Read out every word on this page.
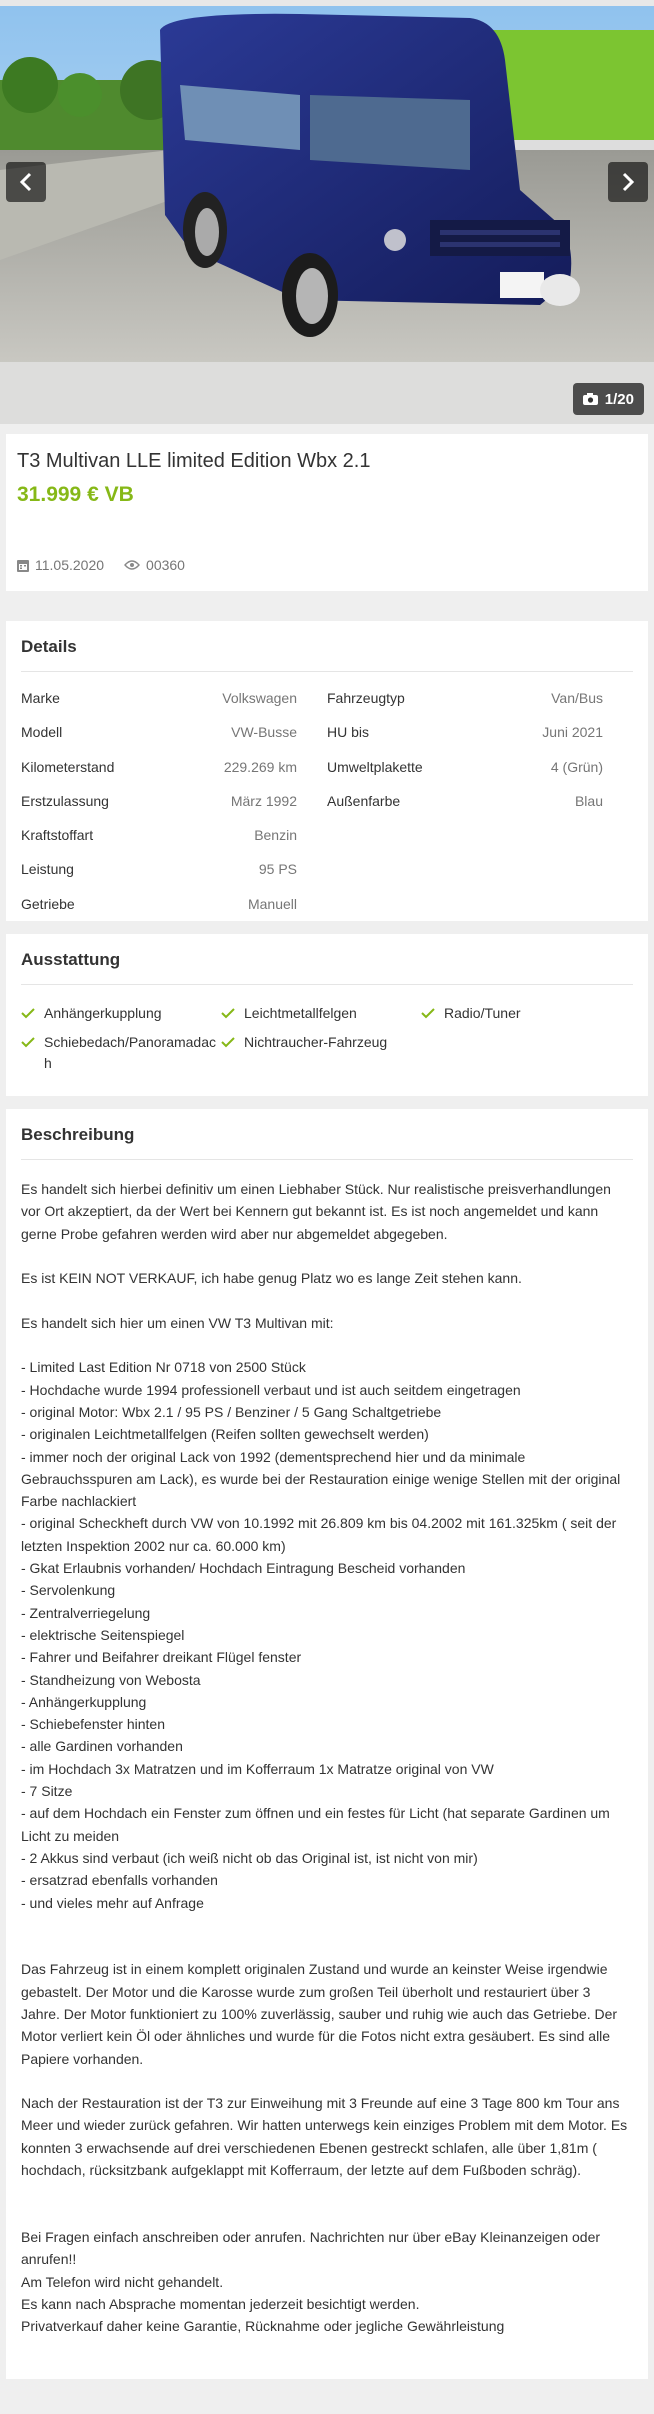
1/20
T3 Multivan LLE limited Edition Wbx 2.1
31.999 € VB
11.05.2020	00360
Details
Marke	Volkswagen
Modell	VW-Busse
Kilometerstand	229.269 km
Erstzulassung	März 1992
Kraftstoffart	Benzin
Leistung	95 PS
Getriebe	Manuell
Fahrzeugtyp	Van/Bus
HU bis	Juni 2021
Umweltplakette	4 (Grün)
Außenfarbe	Blau
Ausstattung
Anhängerkupplung	Leichtmetallfelgen	Radio/Tuner
Schiebedach/Panoramadach
Nichtraucher-Fahrzeug
Beschreibung

Es handelt sich hierbei definitiv um einen Liebhaber Stück. Nur realistische preisverhandlungen vor Ort akzeptiert, da der Wert bei Kennern gut bekannt ist. Es ist noch angemeldet und kann gerne Probe gefahren werden wird aber nur abgemeldet abgegeben.

Es ist KEIN NOT VERKAUF, ich habe genug Platz wo es lange Zeit stehen kann.

Es handelt sich hier um einen VW T3 Multivan mit:

- Limited Last Edition Nr 0718 von 2500 Stück
- Hochdache wurde 1994 professionell verbaut und ist auch seitdem eingetragen
- original Motor: Wbx 2.1 / 95 PS / Benziner / 5 Gang Schaltgetriebe
- originalen Leichtmetallfelgen (Reifen sollten gewechselt werden)
- immer noch der original Lack von 1992 (dementsprechend hier und da minimale Gebrauchsspuren am Lack), es wurde bei der Restauration einige wenige Stellen mit der original Farbe nachlackiert
- original Scheckheft durch VW von 10.1992 mit 26.809 km bis 04.2002 mit 161.325km ( seit der letzten Inspektion 2002 nur ca. 60.000 km)
- Gkat Erlaubnis vorhanden/ Hochdach Eintragung Bescheid vorhanden
- Servolenkung
- Zentralverriegelung
- elektrische Seitenspiegel
- Fahrer und Beifahrer dreikant Flügel fenster
- Standheizung von Webosta
- Anhängerkupplung
- Schiebefenster hinten
- alle Gardinen vorhanden
- im Hochdach 3x Matratzen und im Kofferraum 1x Matratze original von VW
- 7 Sitze
- auf dem Hochdach ein Fenster zum öffnen und ein festes für Licht (hat separate Gardinen um Licht zu meiden
- 2 Akkus sind verbaut (ich weiß nicht ob das Original ist, ist nicht von mir)
- ersatzrad ebenfalls vorhanden
- und vieles mehr auf Anfrage

Das Fahrzeug ist in einem komplett originalen Zustand und wurde an keinster Weise irgendwie gebastelt. Der Motor und die Karosse wurde zum großen Teil überholt und restauriert über 3 Jahre. Der Motor funktioniert zu 100% zuverlässig, sauber und ruhig wie auch das Getriebe. Der Motor verliert kein Öl oder ähnliches und wurde für die Fotos nicht extra gesäubert. Es sind alle Papiere vorhanden.

Nach der Restauration ist der T3 zur Einweihung mit 3 Freunde auf eine 3 Tage 800 km Tour ans Meer und wieder zurück gefahren. Wir hatten unterwegs kein einziges Problem mit dem Motor. Es konnten 3 erwachsende auf drei verschiedenen Ebenen gestreckt schlafen, alle über 1,81m ( hochdach, rücksitzbank aufgeklappt mit Kofferraum, der letzte auf dem Fußboden schräg).

Bei Fragen einfach anschreiben oder anrufen. Nachrichten nur über eBay Kleinanzeigen oder anrufen!!
Am Telefon wird nicht gehandelt.
Es kann nach Absprache momentan jederzeit besichtigt werden.
Privatverkauf daher keine Garantie, Rücknahme oder jegliche Gewährleistung
